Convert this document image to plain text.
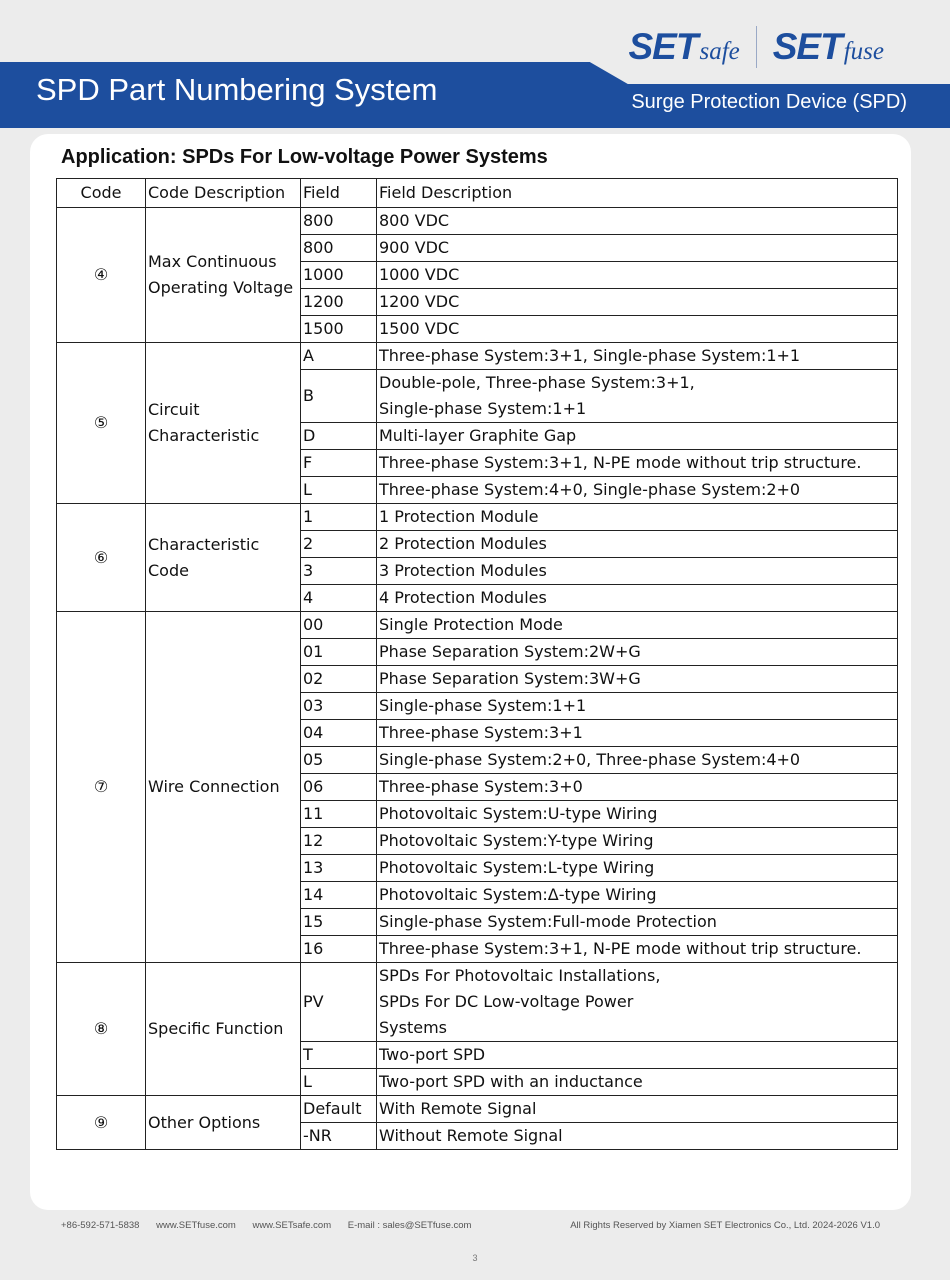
SET safe SET fuse
SPD Part Numbering System	Surge Protection Device (SPD)
Application: SPDs For Low-voltage Power Systems
Code	Code Description	Field	Field Description
④	Max Continuous Operating Voltage	800	800 VDC
		800	900 VDC
		1000	1000 VDC
		1200	1200 VDC
		1500	1500 VDC
⑤	Circuit Characteristic	A	Three-phase System:3+1, Single-phase System:1+1
		B	Double-pole, Three-phase System:3+1, Single-phase System:1+1
		D	Multi-layer Graphite Gap
		F	Three-phase System:3+1, N-PE mode without trip structure.
		L	Three-phase System:4+0, Single-phase System:2+0
⑥	Characteristic Code	1	1 Protection Module
		2	2 Protection Modules
		3	3 Protection Modules
		4	4 Protection Modules
⑦	Wire Connection	00	Single Protection Mode
		01	Phase Separation System:2W+G
		02	Phase Separation System:3W+G
		03	Single-phase System:1+1
		04	Three-phase System:3+1
		05	Single-phase System:2+0, Three-phase System:4+0
		06	Three-phase System:3+0
		11	Photovoltaic System:U-type Wiring
		12	Photovoltaic System:Y-type Wiring
		13	Photovoltaic System:L-type Wiring
		14	Photovoltaic System:Δ-type Wiring
		15	Single-phase System:Full-mode Protection
		16	Three-phase System:3+1, N-PE mode without trip structure.
⑧	Specific Function	PV	SPDs For Photovoltaic Installations, SPDs For DC Low-voltage Power Systems
		T	Two-port SPD
		L	Two-port SPD with an inductance
⑨	Other Options	Default	With Remote Signal
		-NR	Without Remote Signal
+86-592-571-5838 www.SETfuse.com www.SETsafe.com E-mail : sales@SETfuse.com	All Rights Reserved by Xiamen SET Electronics Co., Ltd. 2024-2026 V1.0
3
